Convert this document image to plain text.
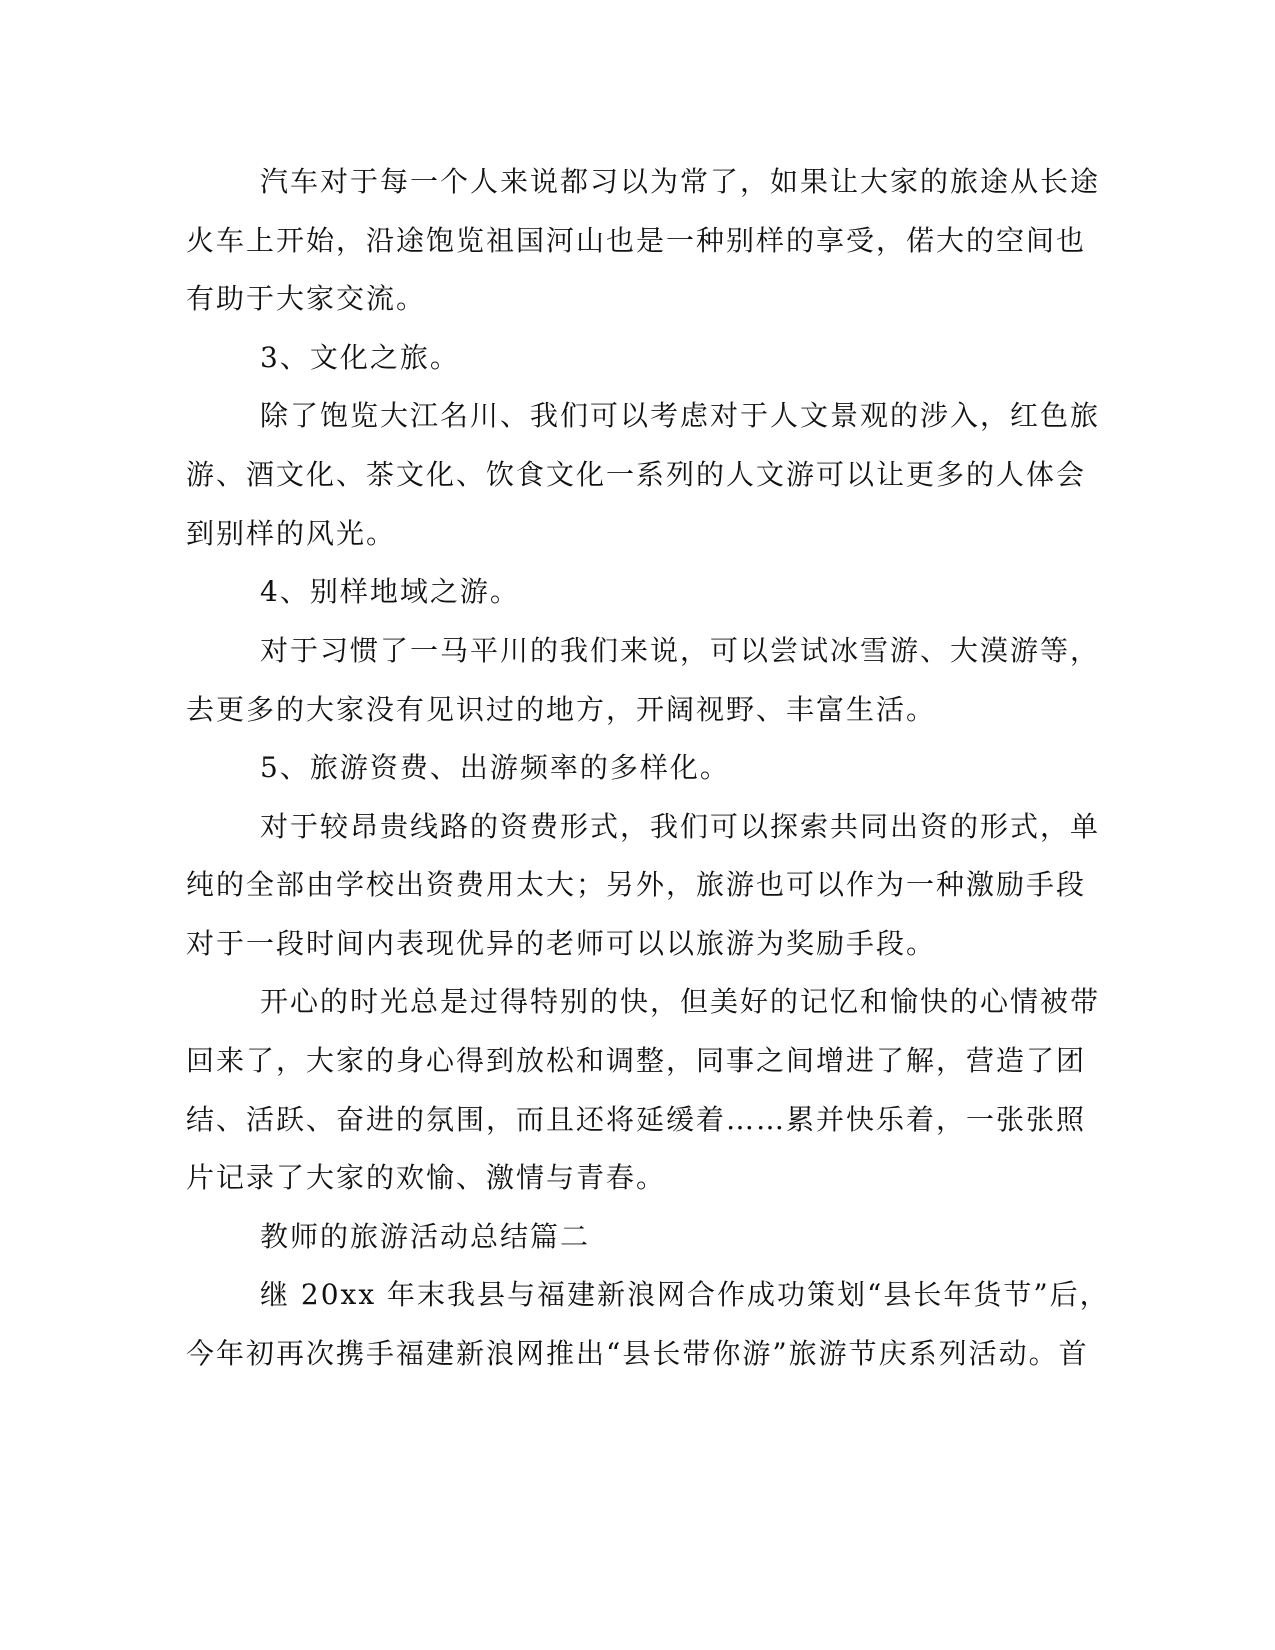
汽车对于每一个人来说都习以为常了，如果让大家的旅途从长途
火车上开始，沿途饱览祖国河山也是一种别样的享受，偌大的空间也
有助于大家交流。
3、文化之旅。
除了饱览大江名川、我们可以考虑对于人文景观的涉入，红色旅
游、酒文化、茶文化、饮食文化一系列的人文游可以让更多的人体会
到别样的风光。
4、别样地域之游。
对于习惯了一马平川的我们来说，可以尝试冰雪游、大漠游等，
去更多的大家没有见识过的地方，开阔视野、丰富生活。
5、旅游资费、出游频率的多样化。
对于较昂贵线路的资费形式，我们可以探索共同出资的形式，单
纯的全部由学校出资费用太大；另外，旅游也可以作为一种激励手段
对于一段时间内表现优异的老师可以以旅游为奖励手段。
开心的时光总是过得特别的快，但美好的记忆和愉快的心情被带
回来了，大家的身心得到放松和调整，同事之间增进了解，营造了团
结、活跃、奋进的氛围，而且还将延缓着……累并快乐着，一张张照
片记录了大家的欢愉、激情与青春。
教师的旅游活动总结篇二
继 20xx 年末我县与福建新浪网合作成功策划“县长年货节”后，
今年初再次携手福建新浪网推出“县长带你游”旅游节庆系列活动。首
